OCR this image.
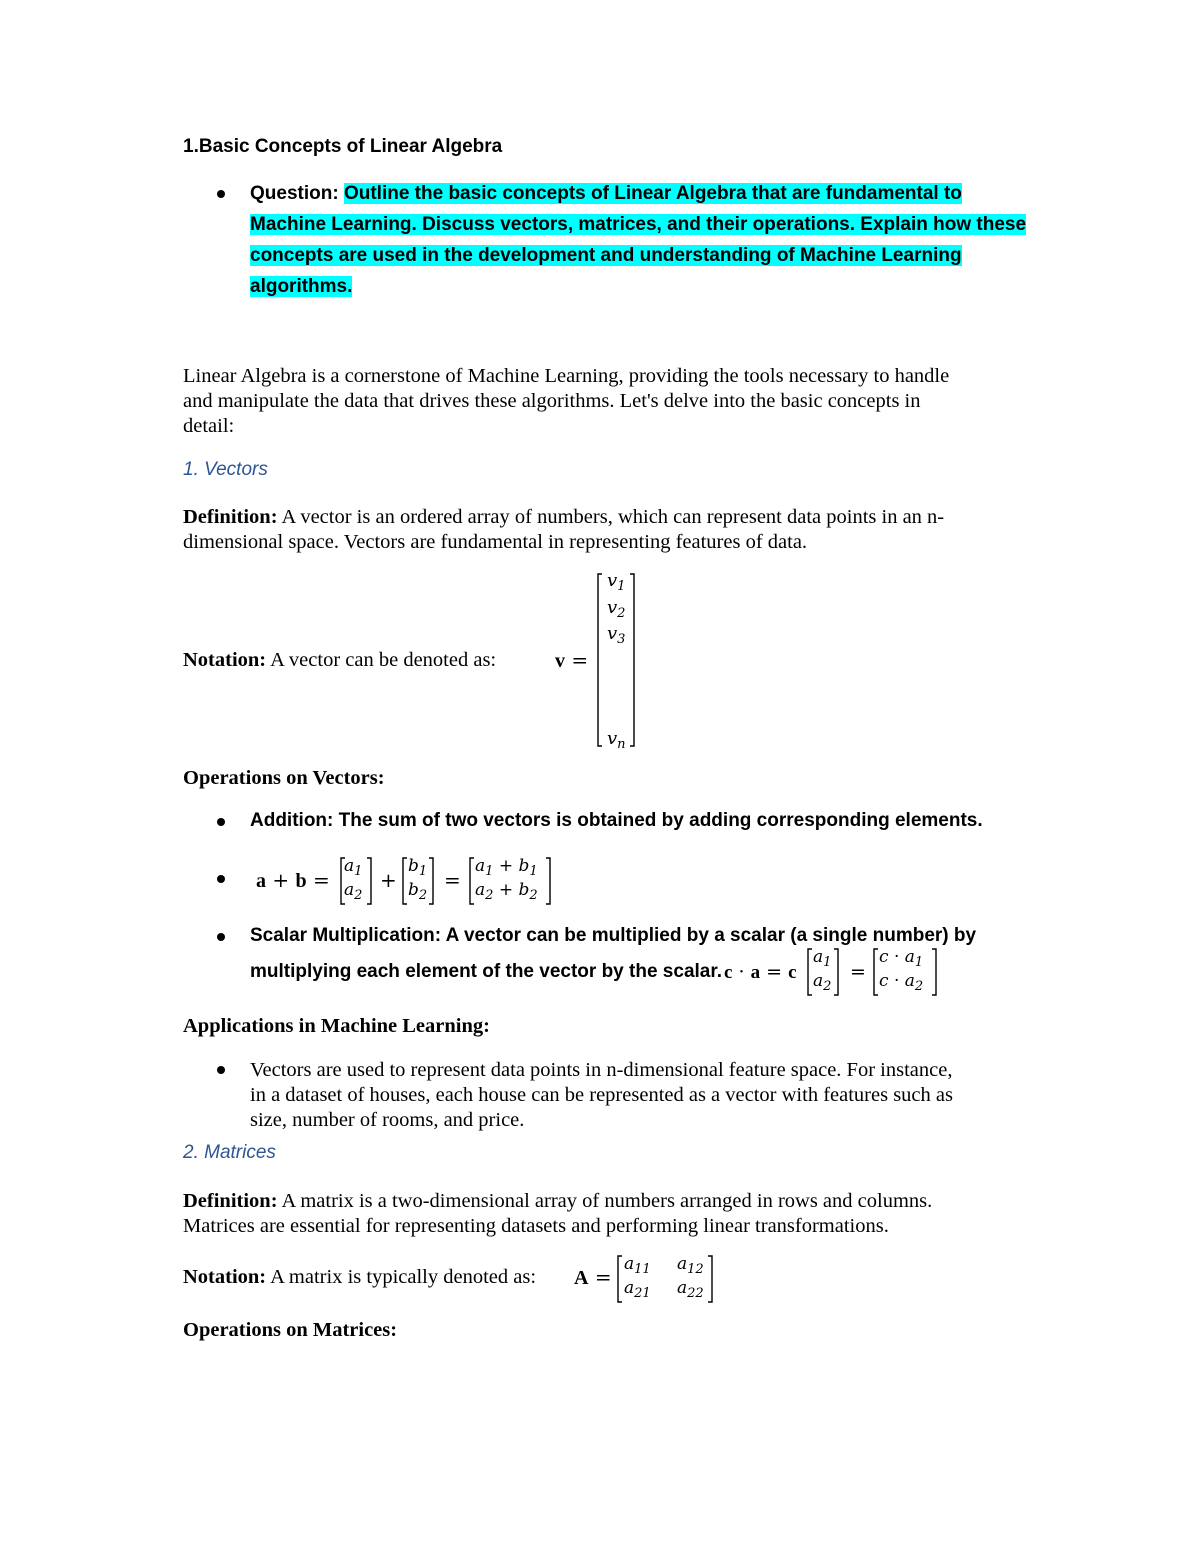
1.Basic Concepts of Linear Algebra
Question: Outline the basic concepts of Linear Algebra that are fundamental to
Machine Learning. Discuss vectors, matrices, and their operations. Explain how these
concepts are used in the development and understanding of Machine Learning
algorithms.
Linear Algebra is a cornerstone of Machine Learning, providing the tools necessary to handle
and manipulate the data that drives these algorithms. Let's delve into the basic concepts in
detail:
1. Vectors
Definition: A vector is an ordered array of numbers, which can represent data points in an n-
dimensional space. Vectors are fundamental in representing features of data.
Notation: A vector can be denoted as:	v =
$v_1$
$v_2$
$v_3$
$v_n$
Operations on Vectors:
Addition: The sum of two vectors is obtained by adding corresponding elements.
a + b =
$a_1$
$a_2$
+
$b_1$
$b_2$
=
$a_1 + b_1$
$a_2 + b_2$
Scalar Multiplication: A vector can be multiplied by a scalar (a single number) by
multiplying each element of the vector by the scalar. c · a = c
$a_1$
$a_2$
=
$c \cdot a_1$
$c \cdot a_2$
Applications in Machine Learning:
Vectors are used to represent data points in n-dimensional feature space. For instance,
in a dataset of houses, each house can be represented as a vector with features such as
size, number of rooms, and price.
2. Matrices
Definition: A matrix is a two-dimensional array of numbers arranged in rows and columns.
Matrices are essential for representing datasets and performing linear transformations.
Notation: A matrix is typically denoted as: A =
$a_{11}$ $a_{12}$
$a_{21}$ $a_{22}$
Operations on Matrices:
